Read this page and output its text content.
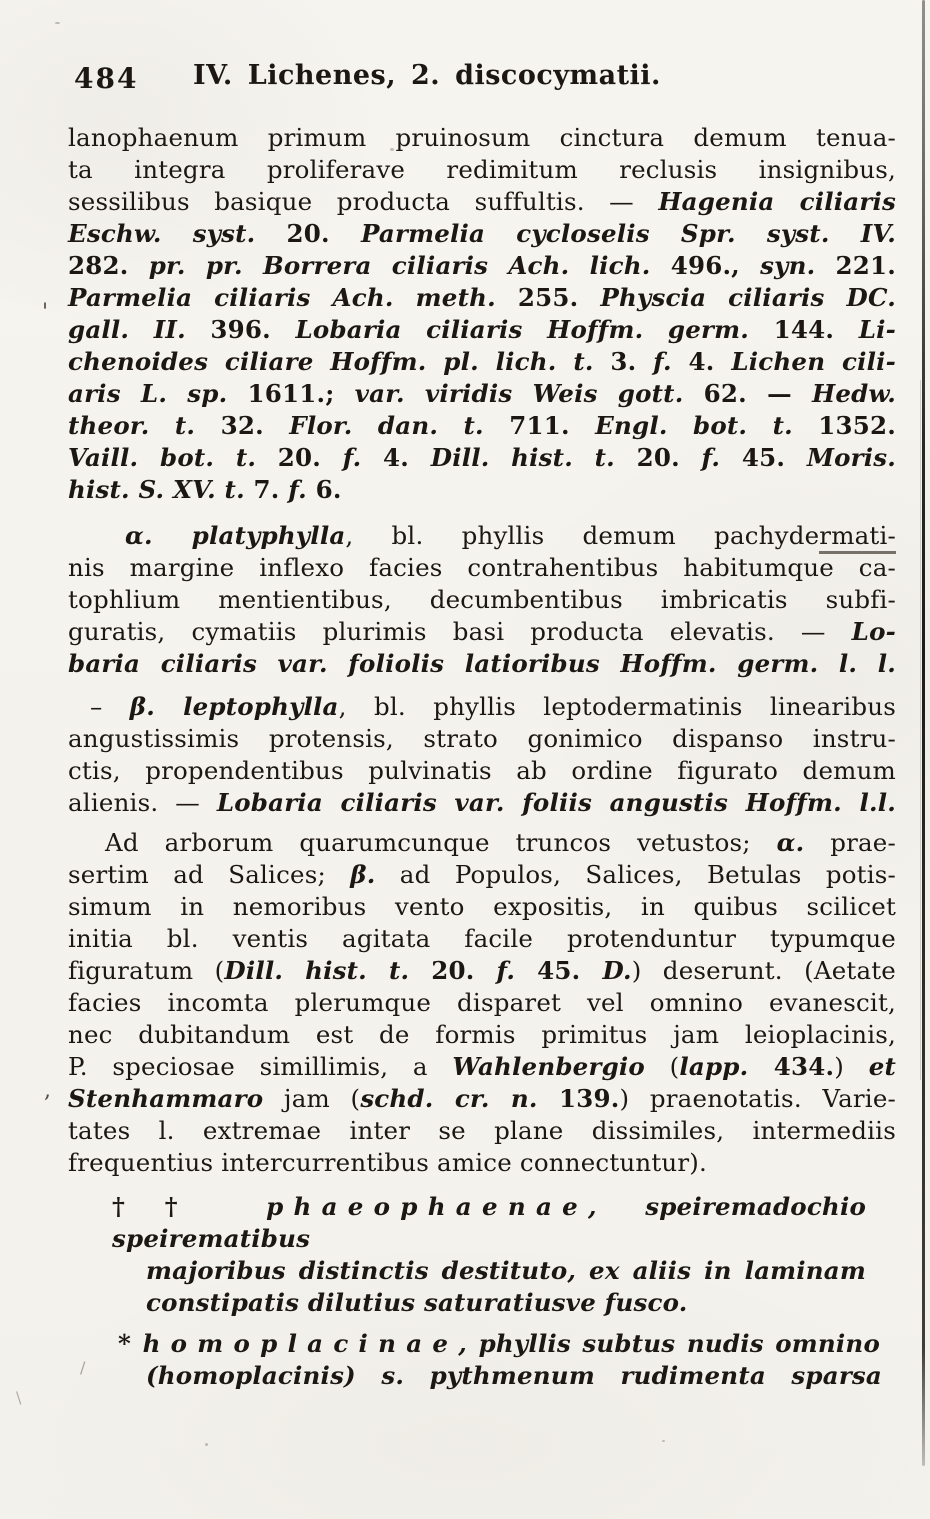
484	IV. Lichenes, 2. discocymatii.
lanophaenum primum pruinosum cinctura demum tenua-
ta integra proliferave redimitum reclusis insignibus,
sessilibus basique producta suffultis. — Hagenia ciliaris
Eschw. syst. 20. Parmelia cycloselis Spr. syst. IV.
282. pr. pr. Borrera ciliaris Ach. lich. 496., syn. 221.
Parmelia ciliaris Ach. meth. 255. Physcia ciliaris DC.
gall. II. 396. Lobaria ciliaris Hoffm. germ. 144. Li-
chenoides ciliare Hoffm. pl. lich. t. 3. f. 4. Lichen cili-
aris L. sp. 1611.; var. viridis Weis gott. 62. — Hedw.
theor. t. 32. Flor. dan. t. 711. Engl. bot. t. 1352.
Vaill. bot. t. 20. f. 4. Dill. hist. t. 20. f. 45. Moris.
hist. S. XV. t. 7. f. 6.
α. platyphylla, bl. phyllis demum pachydermati-
nis margine inflexo facies contrahentibus habitumque ca-
tophlium mentientibus, decumbentibus imbricatis subfi-
guratis, cymatiis plurimis basi producta elevatis. — Lo-
baria ciliaris var. foliolis latioribus Hoffm. germ. l. l.
– β. leptophylla, bl. phyllis leptodermatinis linearibus
angustissimis protensis, strato gonimico dispanso instru-
ctis, propendentibus pulvinatis ab ordine figurato demum
alienis. — Lobaria ciliaris var. foliis angustis Hoffm. l.l.
Ad arborum quarumcunque truncos vetustos; α. prae-
sertim ad Salices; β. ad Populos, Salices, Betulas potis-
simum in nemoribus vento expositis, in quibus scilicet
initia bl. ventis agitata facile protenduntur typumque
figuratum (Dill. hist. t. 20. f. 45. D.) deserunt. (Aetate
facies incomta plerumque disparet vel omnino evanescit,
nec dubitandum est de formis primitus jam leioplacinis,
P. speciosae simillimis, a Wahlenbergio (lapp. 434.) et
Stenhammaro jam (schd. cr. n. 139.) praenotatis. Varie-
tates l. extremae inter se plane dissimiles, intermediis
frequentius intercurrentibus amice connectuntur).
†† phaeophaenae, speiremadochio speirematibus
majoribus distinctis destituto, ex aliis in laminam
constipatis dilutius saturatiusve fusco.
* homoplacinae, phyllis subtus nudis omnino
(homoplacinis) s. pythmenum rudimenta sparsa
'
,
/
\
